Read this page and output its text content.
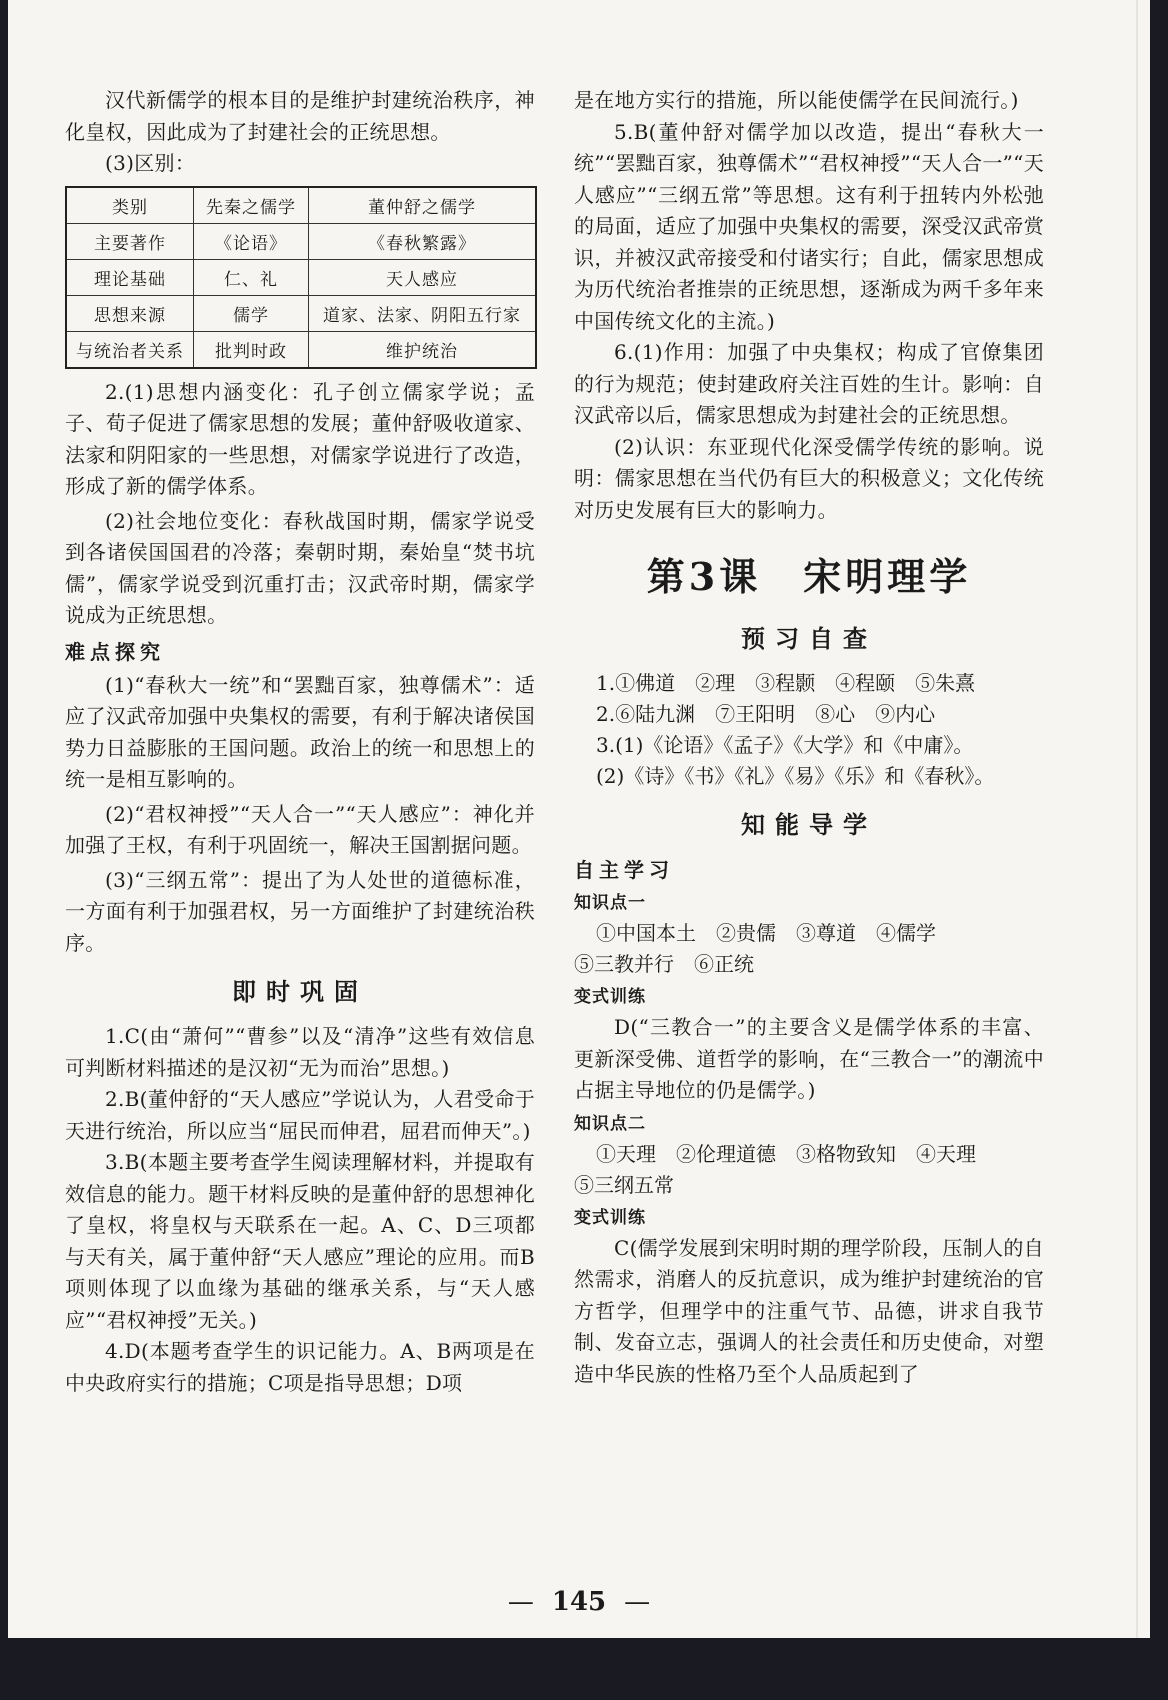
汉代新儒学的根本目的是维护封建统治秩序，神化皇权，因此成为了封建社会的正统思想。

(3)区别：

类别	先秦之儒学	董仲舒之儒学
主要著作	《论语》	《春秋繁露》
理论基础	仁、礼	天人感应
思想来源	儒学	道家、法家、阴阳五行家
与统治者关系	批判时政	维护统治

2.(1)思想内涵变化：孔子创立儒家学说；孟子、荀子促进了儒家思想的发展；董仲舒吸收道家、法家和阴阳家的一些思想，对儒家学说进行了改造，形成了新的儒学体系。

(2)社会地位变化：春秋战国时期，儒家学说受到各诸侯国国君的冷落；秦朝时期，秦始皇“焚书坑儒”，儒家学说受到沉重打击；汉武帝时期，儒家学说成为正统思想。

难点探究

(1)“春秋大一统”和“罢黜百家，独尊儒术”：适应了汉武帝加强中央集权的需要，有利于解决诸侯国势力日益膨胀的王国问题。政治上的统一和思想上的统一是相互影响的。

(2)“君权神授”“天人合一”“天人感应”：神化并加强了王权，有利于巩固统一，解决王国割据问题。

(3)“三纲五常”：提出了为人处世的道德标准，一方面有利于加强君权，另一方面维护了封建统治秩序。

即时巩固

1.C(由“萧何”“曹参”以及“清净”这些有效信息可判断材料描述的是汉初“无为而治”思想。)

2.B(董仲舒的“天人感应”学说认为，人君受命于天进行统治，所以应当“屈民而伸君，屈君而伸天”。)

3.B(本题主要考查学生阅读理解材料，并提取有效信息的能力。题干材料反映的是董仲舒的思想神化了皇权，将皇权与天联系在一起。A、C、D三项都与天有关，属于董仲舒“天人感应”理论的应用。而B项则体现了以血缘为基础的继承关系，与“天人感应”“君权神授”无关。)

4.D(本题考查学生的识记能力。A、B两项是在中央政府实行的措施；C项是指导思想；D项

是在地方实行的措施，所以能使儒学在民间流行。)

5.B(董仲舒对儒学加以改造，提出“春秋大一统”“罢黜百家，独尊儒术”“君权神授”“天人合一”“天人感应”“三纲五常”等思想。这有利于扭转内外松弛的局面，适应了加强中央集权的需要，深受汉武帝赏识，并被汉武帝接受和付诸实行；自此，儒家思想成为历代统治者推崇的正统思想，逐渐成为两千多年来中国传统文化的主流。)

6.(1)作用：加强了中央集权；构成了官僚集团的行为规范；使封建政府关注百姓的生计。影响：自汉武帝以后，儒家思想成为封建社会的正统思想。

(2)认识：东亚现代化深受儒学传统的影响。说明：儒家思想在当代仍有巨大的积极意义；文化传统对历史发展有巨大的影响力。

第3课　宋明理学
预习自查

1.①佛道　②理　③程颢　④程颐　⑤朱熹

2.⑥陆九渊　⑦王阳明　⑧心　⑨内心

3.(1)《论语》《孟子》《大学》和《中庸》。

(2)《诗》《书》《礼》《易》《乐》和《春秋》。

知能导学
自主学习
知识点一

①中国本土　②贵儒　③尊道　④儒学

⑤三教并行　⑥正统

变式训练

D(“三教合一”的主要含义是儒学体系的丰富、更新深受佛、道哲学的影响，在“三教合一”的潮流中占据主导地位的仍是儒学。)

知识点二

①天理　②伦理道德　③格物致知　④天理

⑤三纲五常

变式训练

C(儒学发展到宋明时期的理学阶段，压制人的自然需求，消磨人的反抗意识，成为维护封建统治的官方哲学，但理学中的注重气节、品德，讲求自我节制、发奋立志，强调人的社会责任和历史使命，对塑造中华民族的性格乃至个人品质起到了

— 145 —
